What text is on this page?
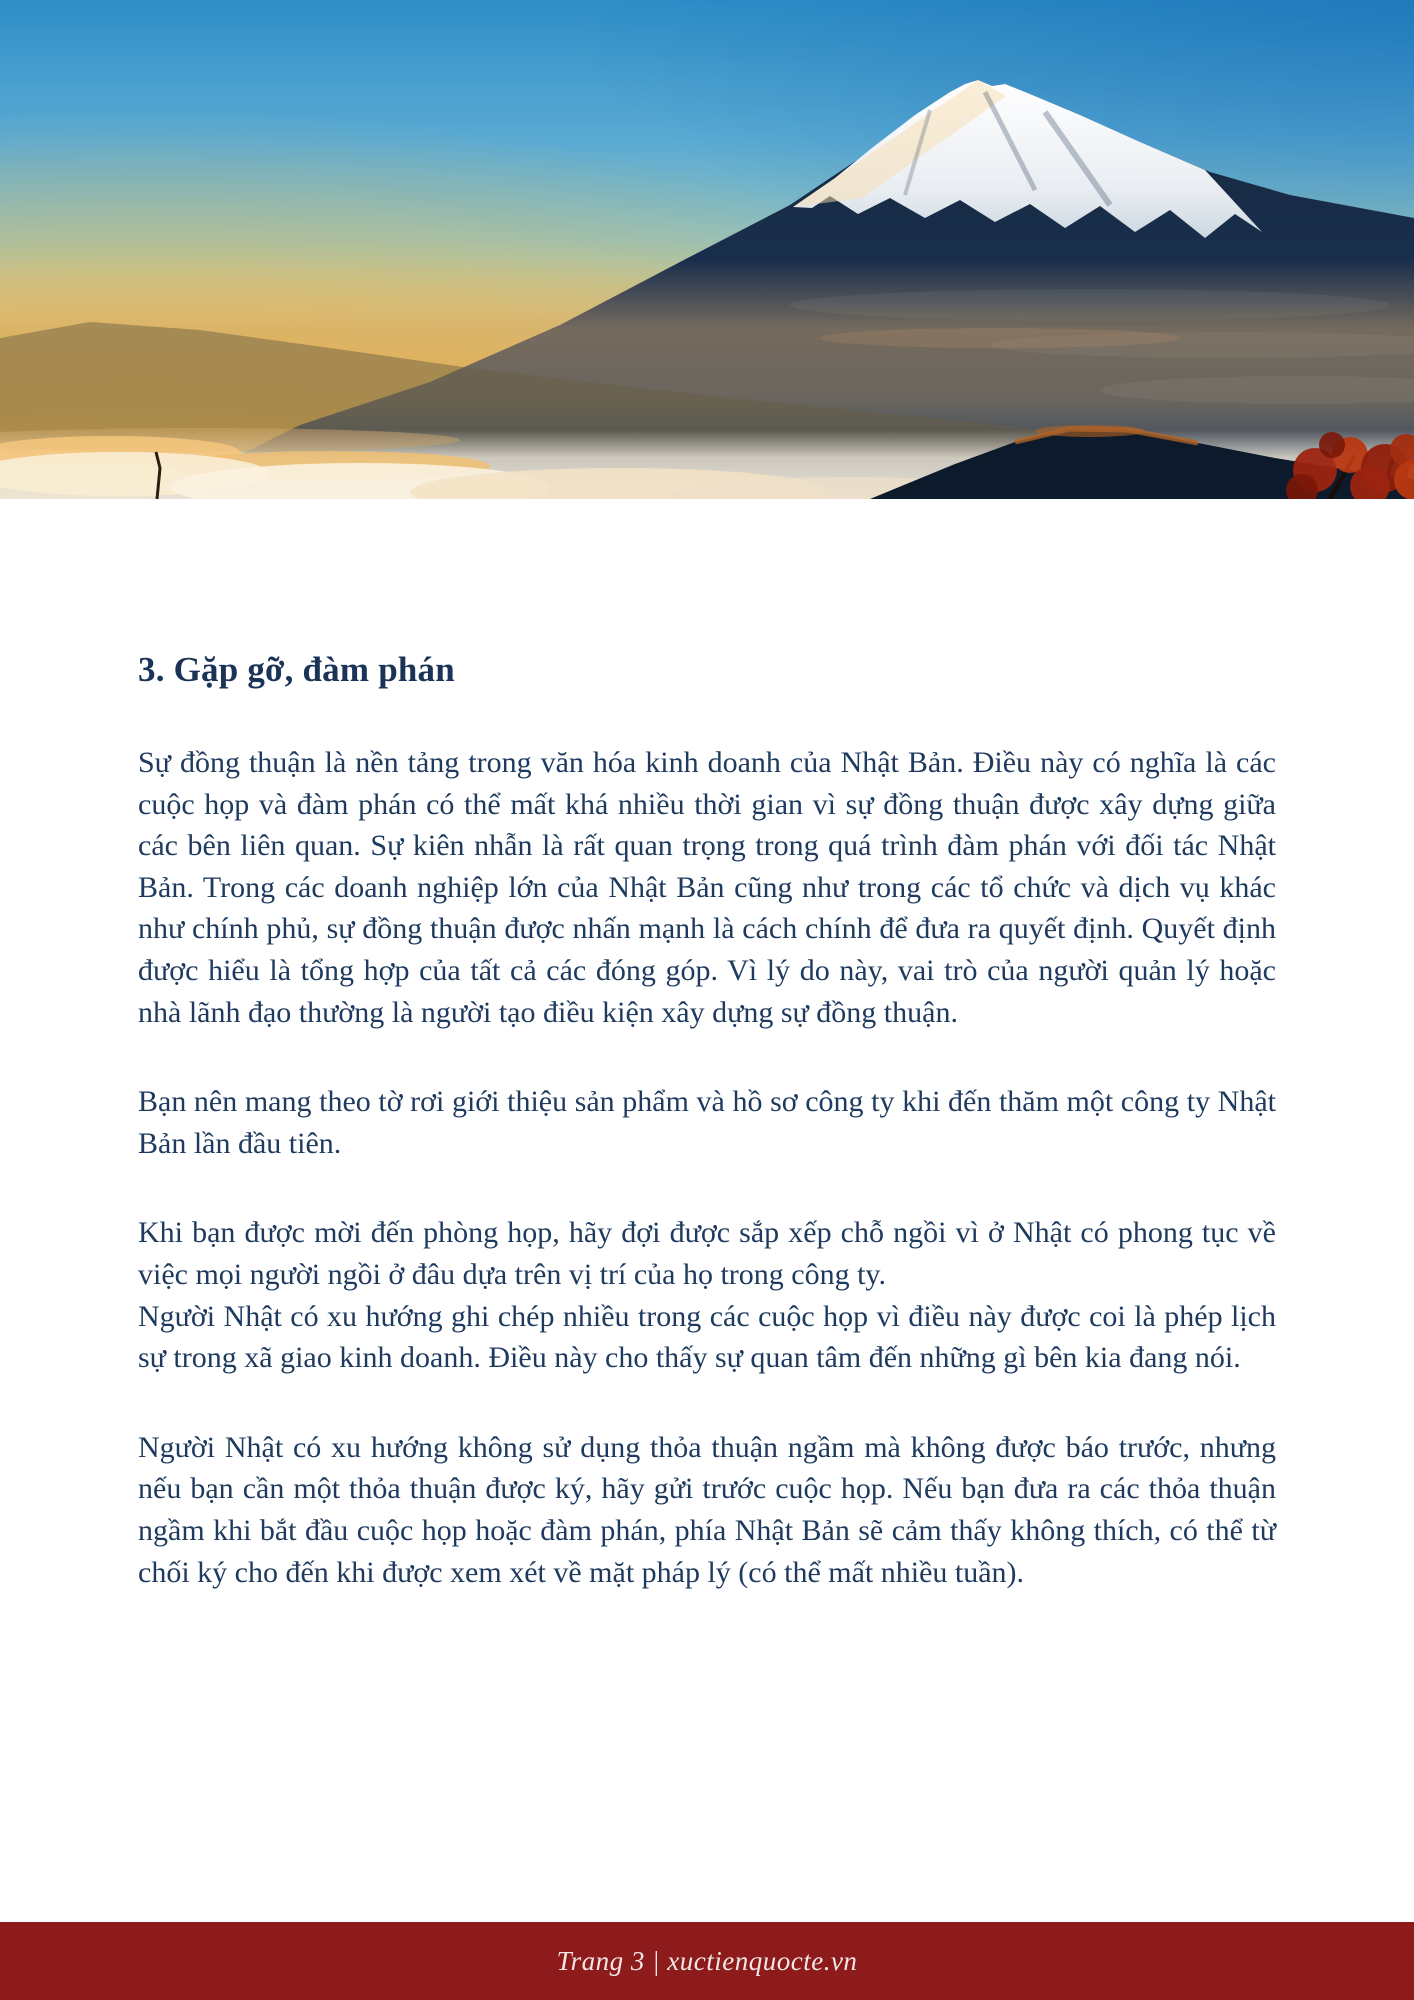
3. Gặp gỡ, đàm phán

Sự đồng thuận là nền tảng trong văn hóa kinh doanh của Nhật Bản. Điều này có nghĩa là các cuộc họp và đàm phán có thể mất khá nhiều thời gian vì sự đồng thuận được xây dựng giữa các bên liên quan. Sự kiên nhẫn là rất quan trọng trong quá trình đàm phán với đối tác Nhật Bản. Trong các doanh nghiệp lớn của Nhật Bản cũng như trong các tổ chức và dịch vụ khác như chính phủ, sự đồng thuận được nhấn mạnh là cách chính để đưa ra quyết định. Quyết định được hiểu là tổng hợp của tất cả các đóng góp. Vì lý do này, vai trò của người quản lý hoặc nhà lãnh đạo thường là người tạo điều kiện xây dựng sự đồng thuận.

Bạn nên mang theo tờ rơi giới thiệu sản phẩm và hồ sơ công ty khi đến thăm một công ty Nhật Bản lần đầu tiên.

Khi bạn được mời đến phòng họp, hãy đợi được sắp xếp chỗ ngồi vì ở Nhật có phong tục về việc mọi người ngồi ở đâu dựa trên vị trí của họ trong công ty.

Người Nhật có xu hướng ghi chép nhiều trong các cuộc họp vì điều này được coi là phép lịch sự trong xã giao kinh doanh. Điều này cho thấy sự quan tâm đến những gì bên kia đang nói.

Người Nhật có xu hướng không sử dụng thỏa thuận ngầm mà không được báo trước, nhưng nếu bạn cần một thỏa thuận được ký, hãy gửi trước cuộc họp. Nếu bạn đưa ra các thỏa thuận ngầm khi bắt đầu cuộc họp hoặc đàm phán, phía Nhật Bản sẽ cảm thấy không thích, có thể từ chối ký cho đến khi được xem xét về mặt pháp lý (có thể mất nhiều tuần).

Trang 3 | xuctienquocte.vn
